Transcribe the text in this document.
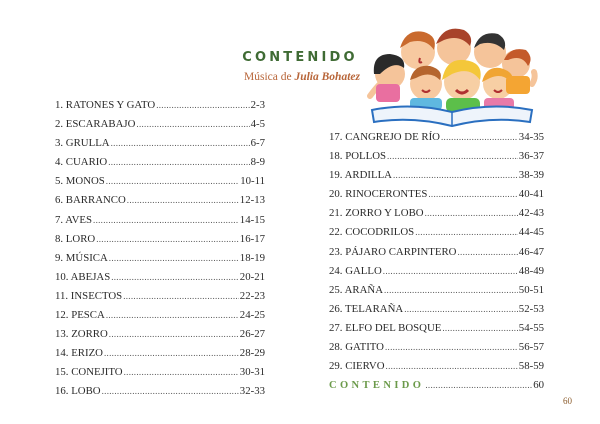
CONTENIDO
Música de Julia Bohatez
1. RATONES Y GATO .....	2-3
2. ESCARABAJO .....	4-5
3. GRULLA .....	6-7
4. CUARIO .....	8-9
5. MONOS .....	10-11
6. BARRANCO .....	12-13
7. AVES .....	14-15
8. LORO .....	16-17
9. MÚSICA .....	18-19
10. ABEJAS .....	20-21
11. INSECTOS .....	22-23
12. PESCA .....	24-25
13. ZORRO .....	26-27
14. ERIZO .....	28-29
15. CONEJITO .....	30-31
16. LOBO .....	32-33
17. CANGREJO DE RÍO .....	34-35
18. POLLOS .....	36-37
19. ARDILLA .....	38-39
20. RINOCERONTES .....	40-41
21. ZORRO Y LOBO .....	42-43
22. COCODRILOS .....	44-45
23. PÁJARO CARPINTERO .....	46-47
24. GALLO .....	48-49
25. ARAÑA .....	50-51
26. TELARAÑA .....	52-53
27. ELFO DEL BOSQUE .....	54-55
28. GATITO .....	56-57
29. CIERVO .....	58-59
CONTENIDO .....	60
60
